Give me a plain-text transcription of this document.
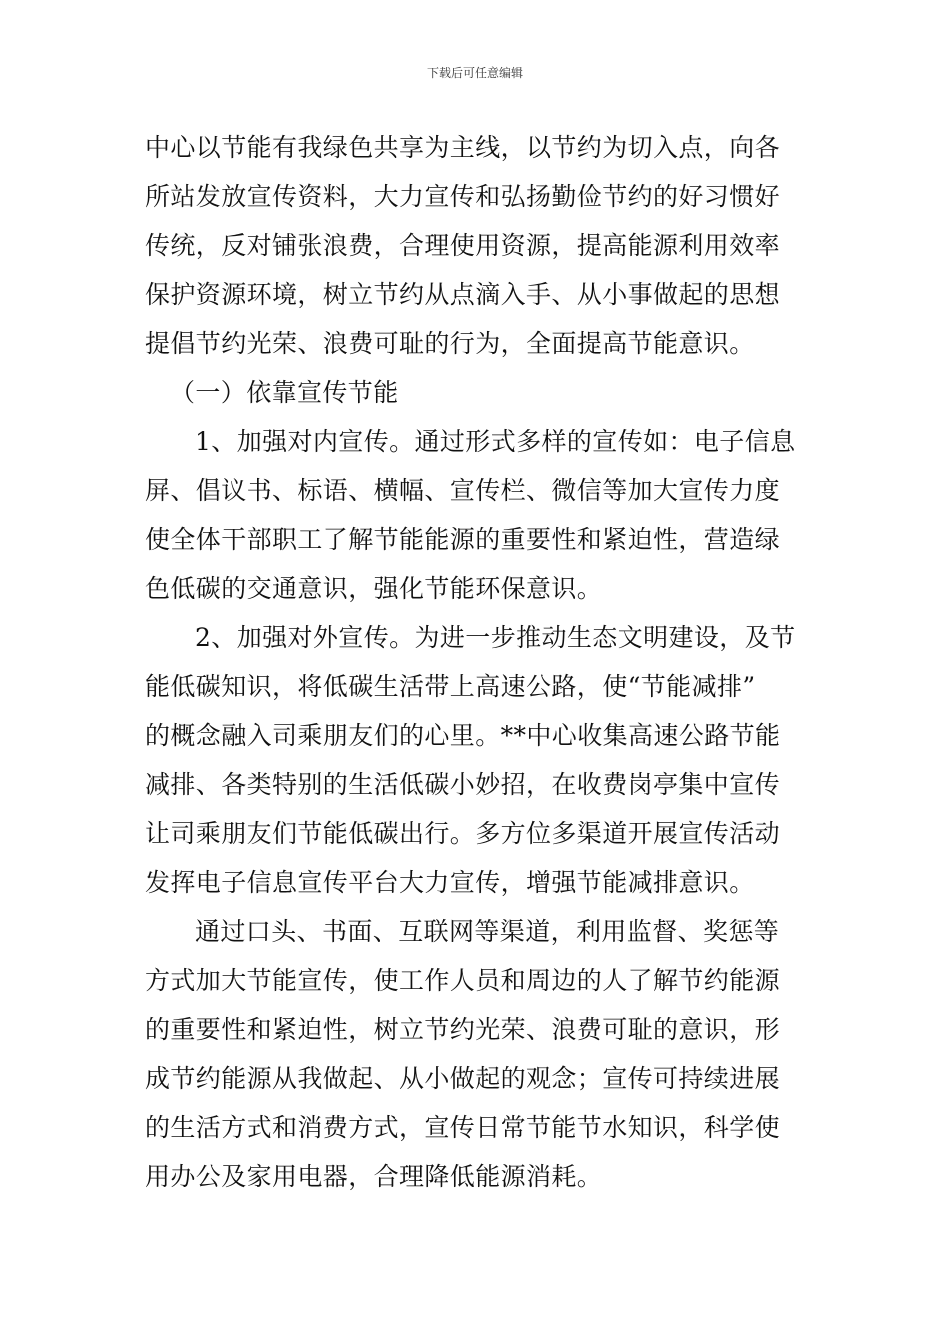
下载后可任意编辑
中心以节能有我绿色共享为主线，以节约为切入点，向各
所站发放宣传资料，大力宣传和弘扬勤俭节约的好习惯好
传统，反对铺张浪费，合理使用资源，提高能源利用效率
保护资源环境，树立节约从点滴入手、从小事做起的思想
提倡节约光荣、浪费可耻的行为，全面提高节能意识。
（一）依靠宣传节能
1、加强对内宣传。通过形式多样的宣传如：电子信息
屏、倡议书、标语、横幅、宣传栏、微信等加大宣传力度
使全体干部职工了解节能能源的重要性和紧迫性，营造绿
色低碳的交通意识，强化节能环保意识。
2、加强对外宣传。为进一步推动生态文明建设，及节
能低碳知识，将低碳生活带上高速公路，使“节能减排”
的概念融入司乘朋友们的心里。**中心收集高速公路节能
减排、各类特别的生活低碳小妙招，在收费岗亭集中宣传
让司乘朋友们节能低碳出行。多方位多渠道开展宣传活动
发挥电子信息宣传平台大力宣传，增强节能减排意识。
通过口头、书面、互联网等渠道，利用监督、奖惩等
方式加大节能宣传，使工作人员和周边的人了解节约能源
的重要性和紧迫性，树立节约光荣、浪费可耻的意识，形
成节约能源从我做起、从小做起的观念；宣传可持续进展
的生活方式和消费方式，宣传日常节能节水知识，科学使
用办公及家用电器，合理降低能源消耗。
